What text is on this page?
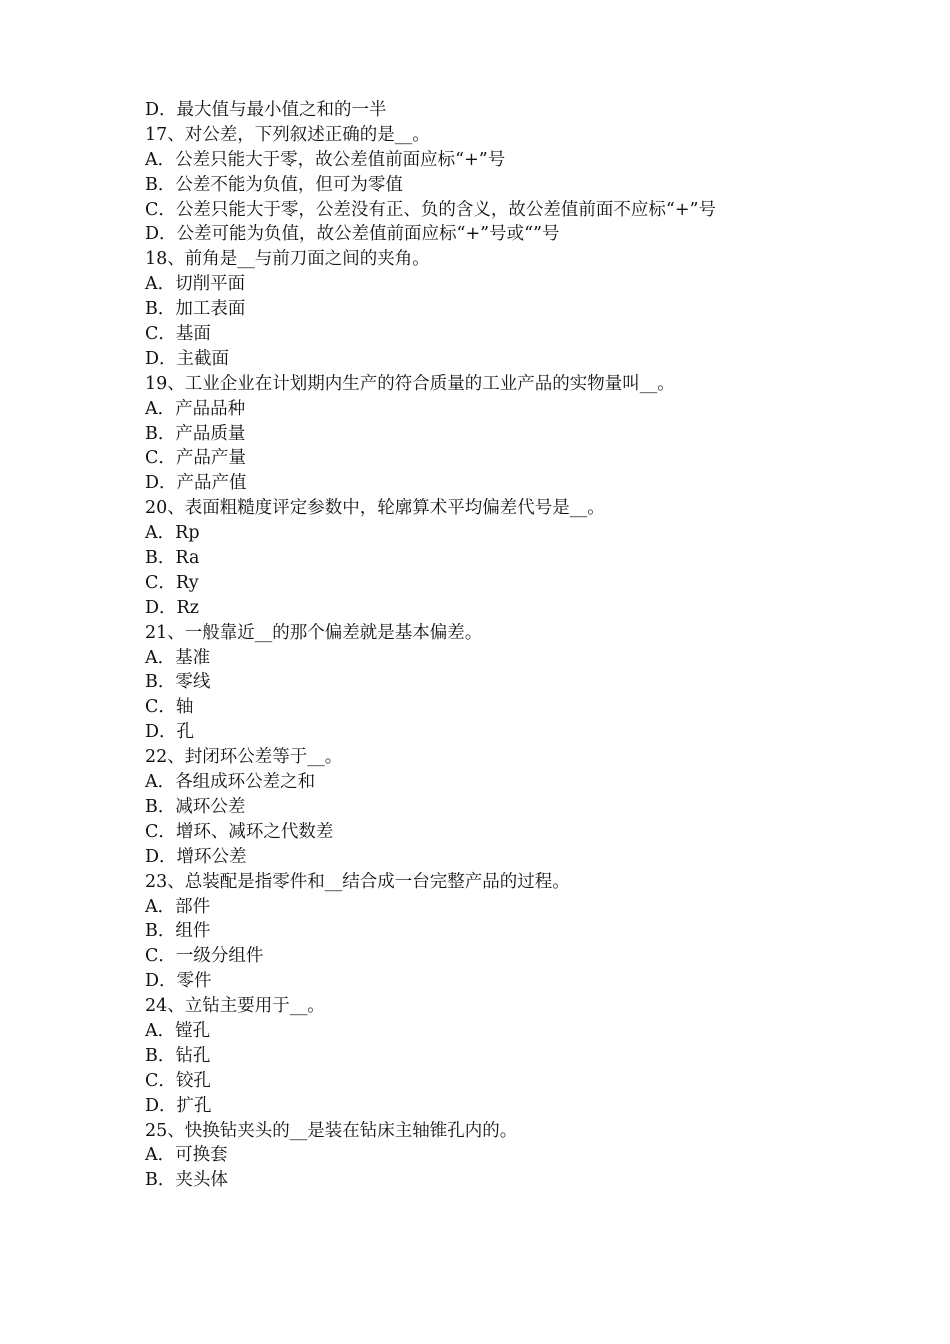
D．最大值与最小值之和的一半
17、对公差，下列叙述正确的是__。
A．公差只能大于零，故公差值前面应标“+”号
B．公差不能为负值，但可为零值
C．公差只能大于零，公差没有正、负的含义，故公差值前面不应标“+”号
D．公差可能为负值，故公差值前面应标“+”号或“”号
18、前角是__与前刀面之间的夹角。
A．切削平面
B．加工表面
C．基面
D．主截面
19、工业企业在计划期内生产的符合质量的工业产品的实物量叫__。
A．产品品种
B．产品质量
C．产品产量
D．产品产值
20、表面粗糙度评定参数中，轮廓算术平均偏差代号是__。
A．Rp
B．Ra
C．Ry
D．Rz
21、一般靠近__的那个偏差就是基本偏差。
A．基准
B．零线
C．轴
D．孔
22、封闭环公差等于__。
A．各组成环公差之和
B．减环公差
C．增环、减环之代数差
D．增环公差
23、总装配是指零件和__结合成一台完整产品的过程。
A．部件
B．组件
C．一级分组件
D．零件
24、立钻主要用于__。
A．镗孔
B．钻孔
C．铰孔
D．扩孔
25、快换钻夹头的__是装在钻床主轴锥孔内的。
A．可换套
B．夹头体
